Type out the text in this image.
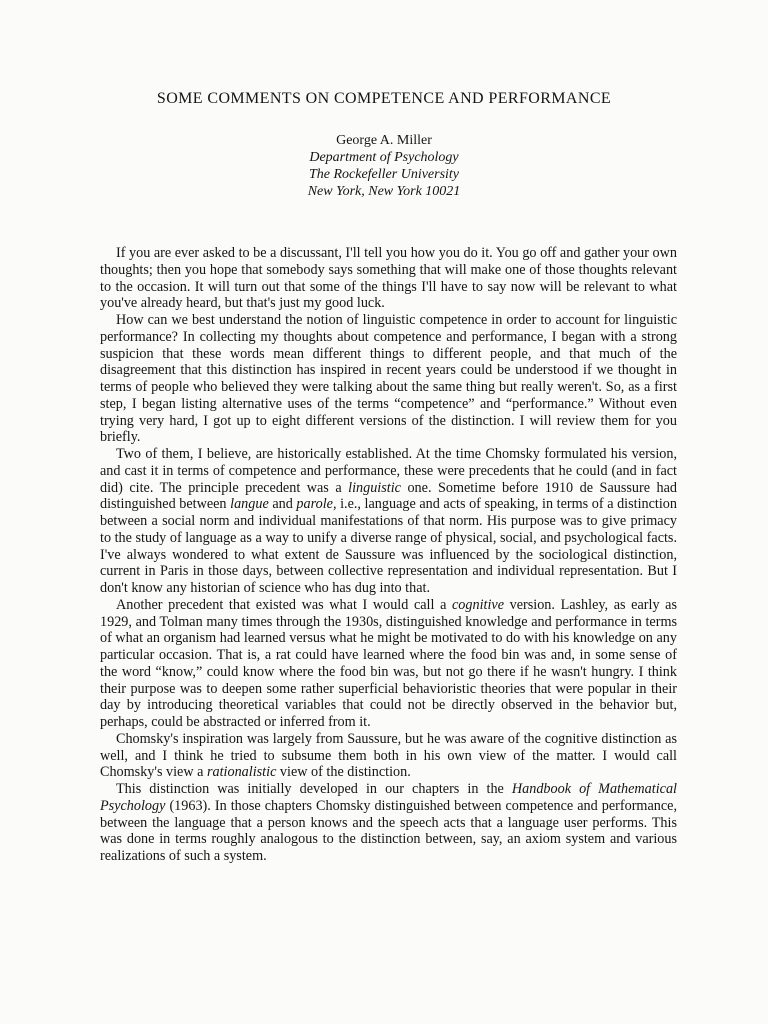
SOME COMMENTS ON COMPETENCE AND PERFORMANCE
George A. Miller
Department of Psychology
The Rockefeller University
New York, New York 10021

If you are ever asked to be a discussant, I'll tell you how you do it. You go off and gather your own thoughts; then you hope that somebody says something that will make one of those thoughts relevant to the occasion. It will turn out that some of the things I'll have to say now will be relevant to what you've already heard, but that's just my good luck.

How can we best understand the notion of linguistic competence in order to account for linguistic performance? In collecting my thoughts about competence and performance, I began with a strong suspicion that these words mean different things to different people, and that much of the disagreement that this distinction has inspired in recent years could be understood if we thought in terms of people who believed they were talking about the same thing but really weren't. So, as a first step, I began listing alternative uses of the terms “competence” and “performance.” Without even trying very hard, I got up to eight different versions of the distinction. I will review them for you briefly.

Two of them, I believe, are historically established. At the time Chomsky formulated his version, and cast it in terms of competence and performance, these were precedents that he could (and in fact did) cite. The principle precedent was a linguistic one. Sometime before 1910 de Saussure had distinguished between langue and parole, i.e., language and acts of speaking, in terms of a distinction between a social norm and individual manifestations of that norm. His purpose was to give primacy to the study of language as a way to unify a diverse range of physical, social, and psychological facts. I've always wondered to what extent de Saussure was influenced by the sociological distinction, current in Paris in those days, between collective representation and individual representation. But I don't know any historian of science who has dug into that.

Another precedent that existed was what I would call a cognitive version. Lashley, as early as 1929, and Tolman many times through the 1930s, distinguished knowledge and performance in terms of what an organism had learned versus what he might be motivated to do with his knowledge on any particular occasion. That is, a rat could have learned where the food bin was and, in some sense of the word “know,” could know where the food bin was, but not go there if he wasn't hungry. I think their purpose was to deepen some rather superficial behavioristic theories that were popular in their day by introducing theoretical variables that could not be directly observed in the behavior but, perhaps, could be abstracted or inferred from it.

Chomsky's inspiration was largely from Saussure, but he was aware of the cognitive distinction as well, and I think he tried to subsume them both in his own view of the matter. I would call Chomsky's view a rationalistic view of the distinction.

This distinction was initially developed in our chapters in the Handbook of Mathematical Psychology (1963). In those chapters Chomsky distinguished between competence and performance, between the language that a person knows and the speech acts that a language user performs. This was done in terms roughly analogous to the distinction between, say, an axiom system and various realizations of such a system.
